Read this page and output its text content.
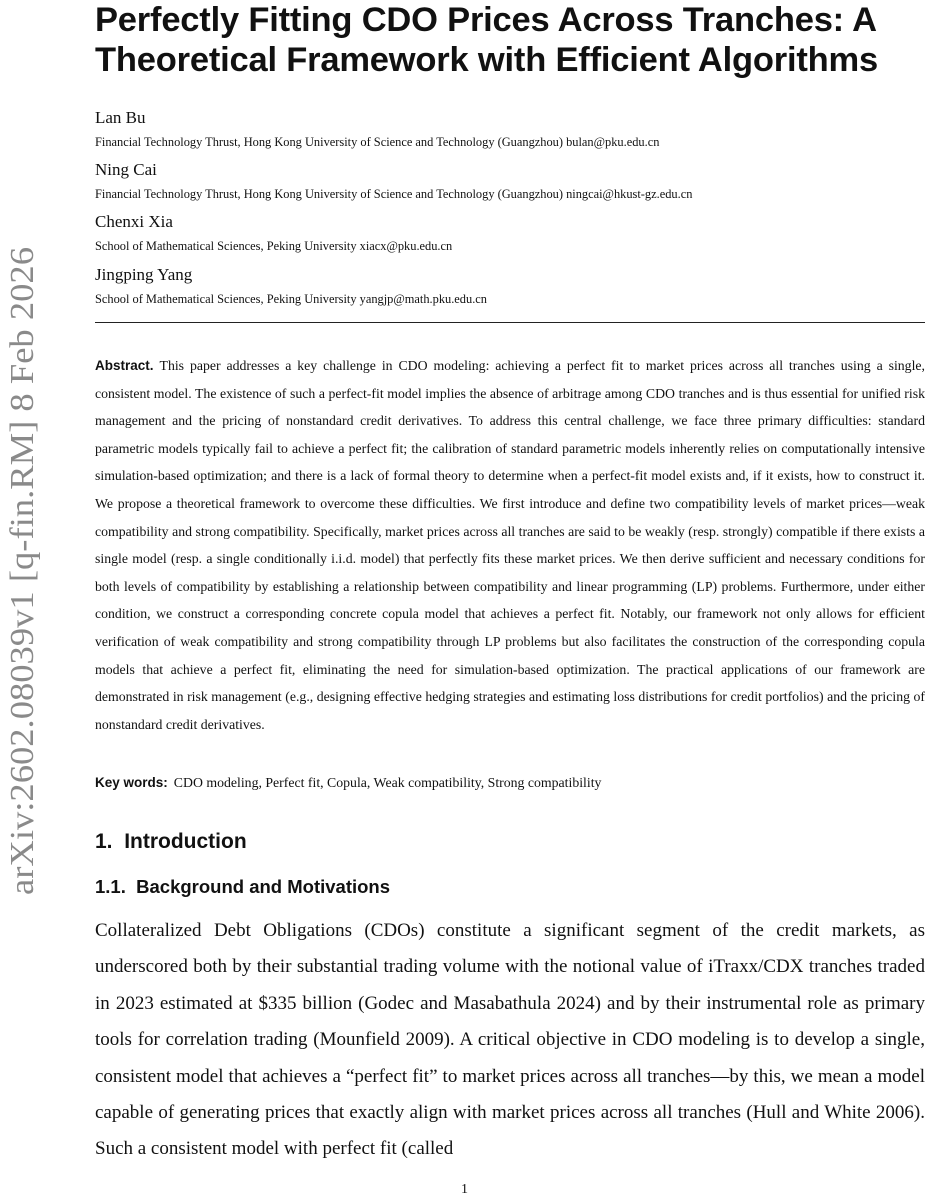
arXiv:2602.08039v1 [q-fin.RM] 8 Feb 2026
Perfectly Fitting CDO Prices Across Tranches: A Theoretical Framework with Efficient Algorithms
Lan Bu
Financial Technology Thrust, Hong Kong University of Science and Technology (Guangzhou) bulan@pku.edu.cn
Ning Cai
Financial Technology Thrust, Hong Kong University of Science and Technology (Guangzhou) ningcai@hkust-gz.edu.cn
Chenxi Xia
School of Mathematical Sciences, Peking University xiacx@pku.edu.cn
Jingping Yang
School of Mathematical Sciences, Peking University yangjp@math.pku.edu.cn
Abstract. This paper addresses a key challenge in CDO modeling: achieving a perfect fit to market prices across all tranches using a single, consistent model. The existence of such a perfect-fit model implies the absence of arbitrage among CDO tranches and is thus essential for unified risk management and the pricing of nonstandard credit derivatives. To address this central challenge, we face three primary difficulties: standard parametric models typically fail to achieve a perfect fit; the calibration of standard parametric models inherently relies on computationally intensive simulation-based optimization; and there is a lack of formal theory to determine when a perfect-fit model exists and, if it exists, how to construct it. We propose a theoretical framework to overcome these difficulties. We first introduce and define two compatibility levels of market prices—weak compatibility and strong compatibility. Specifically, market prices across all tranches are said to be weakly (resp. strongly) compatible if there exists a single model (resp. a single conditionally i.i.d. model) that perfectly fits these market prices. We then derive sufficient and necessary conditions for both levels of compatibility by establishing a relationship between compatibility and linear programming (LP) problems. Furthermore, under either condition, we construct a corresponding concrete copula model that achieves a perfect fit. Notably, our framework not only allows for efficient verification of weak compatibility and strong compatibility through LP problems but also facilitates the construction of the corresponding copula models that achieve a perfect fit, eliminating the need for simulation-based optimization. The practical applications of our framework are demonstrated in risk management (e.g., designing effective hedging strategies and estimating loss distributions for credit portfolios) and the pricing of nonstandard credit derivatives.
Key words: CDO modeling, Perfect fit, Copula, Weak compatibility, Strong compatibility
1. Introduction
1.1. Background and Motivations
Collateralized Debt Obligations (CDOs) constitute a significant segment of the credit markets, as underscored both by their substantial trading volume with the notional value of iTraxx/CDX tranches traded in 2023 estimated at $335 billion (Godec and Masabathula 2024) and by their instrumental role as primary tools for correlation trading (Mounfield 2009). A critical objective in CDO modeling is to develop a single, consistent model that achieves a “perfect fit” to market prices across all tranches—by this, we mean a model capable of generating prices that exactly align with market prices across all tranches (Hull and White 2006). Such a consistent model with perfect fit (called
1
